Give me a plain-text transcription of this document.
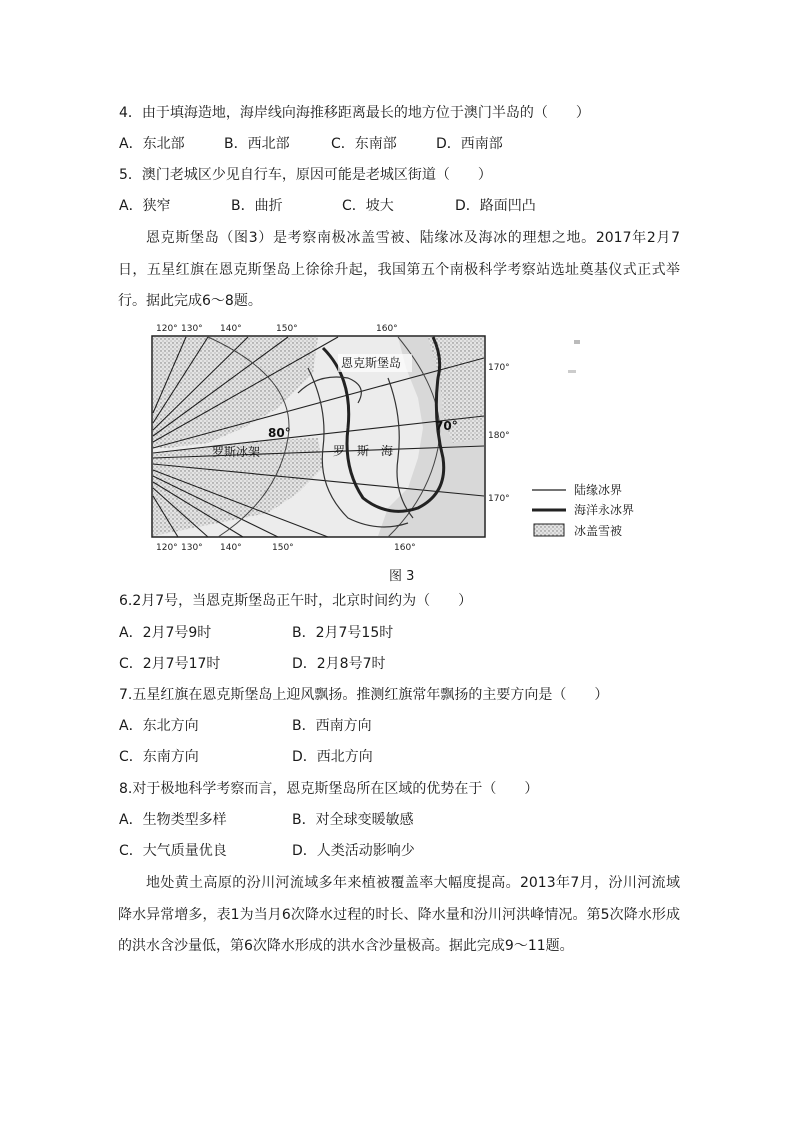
4．由于填海造地，海岸线向海推移距离最长的地方位于澳门半岛的（　　）
A．东北部	B．西北部	C．东南部	D．西南部
5．澳门老城区少见自行车，原因可能是老城区街道（　　）
A．狭窄	B．曲折	C．坡大	D．路面凹凸
恩克斯堡岛（图3）是考察南极冰盖雪被、陆缘冰及海冰的理想之地。2017年2月7日，五星红旗在恩克斯堡岛上徐徐升起，我国第五个南极科学考察站选址奠基仪式正式举行。据此完成6～8题。
120° 130° 140°	150°	160°
120° 130° 140°	150°	160°
170°
180°
170°
80°	70°
恩克斯堡岛
罗斯冰架	罗　斯　海
陆缘冰界
海洋永冰界
冰盖雪被
图 3
6.2月7号，当恩克斯堡岛正午时，北京时间约为（　　）
A．2月7号9时	B．2月7号15时
C．2月7号17时	D．2月8号7时
7.五星红旗在恩克斯堡岛上迎风飘扬。推测红旗常年飘扬的主要方向是（　　）
A．东北方向	B．西南方向
C．东南方向	D．西北方向
8.对于极地科学考察而言，恩克斯堡岛所在区域的优势在于（　　）
A．生物类型多样	B．对全球变暖敏感
C．大气质量优良	D．人类活动影响少
地处黄土高原的汾川河流域多年来植被覆盖率大幅度提高。2013年7月，汾川河流域降水异常增多，表1为当月6次降水过程的时长、降水量和汾川河洪峰情况。第5次降水形成的洪水含沙量低，第6次降水形成的洪水含沙量极高。据此完成9～11题。
